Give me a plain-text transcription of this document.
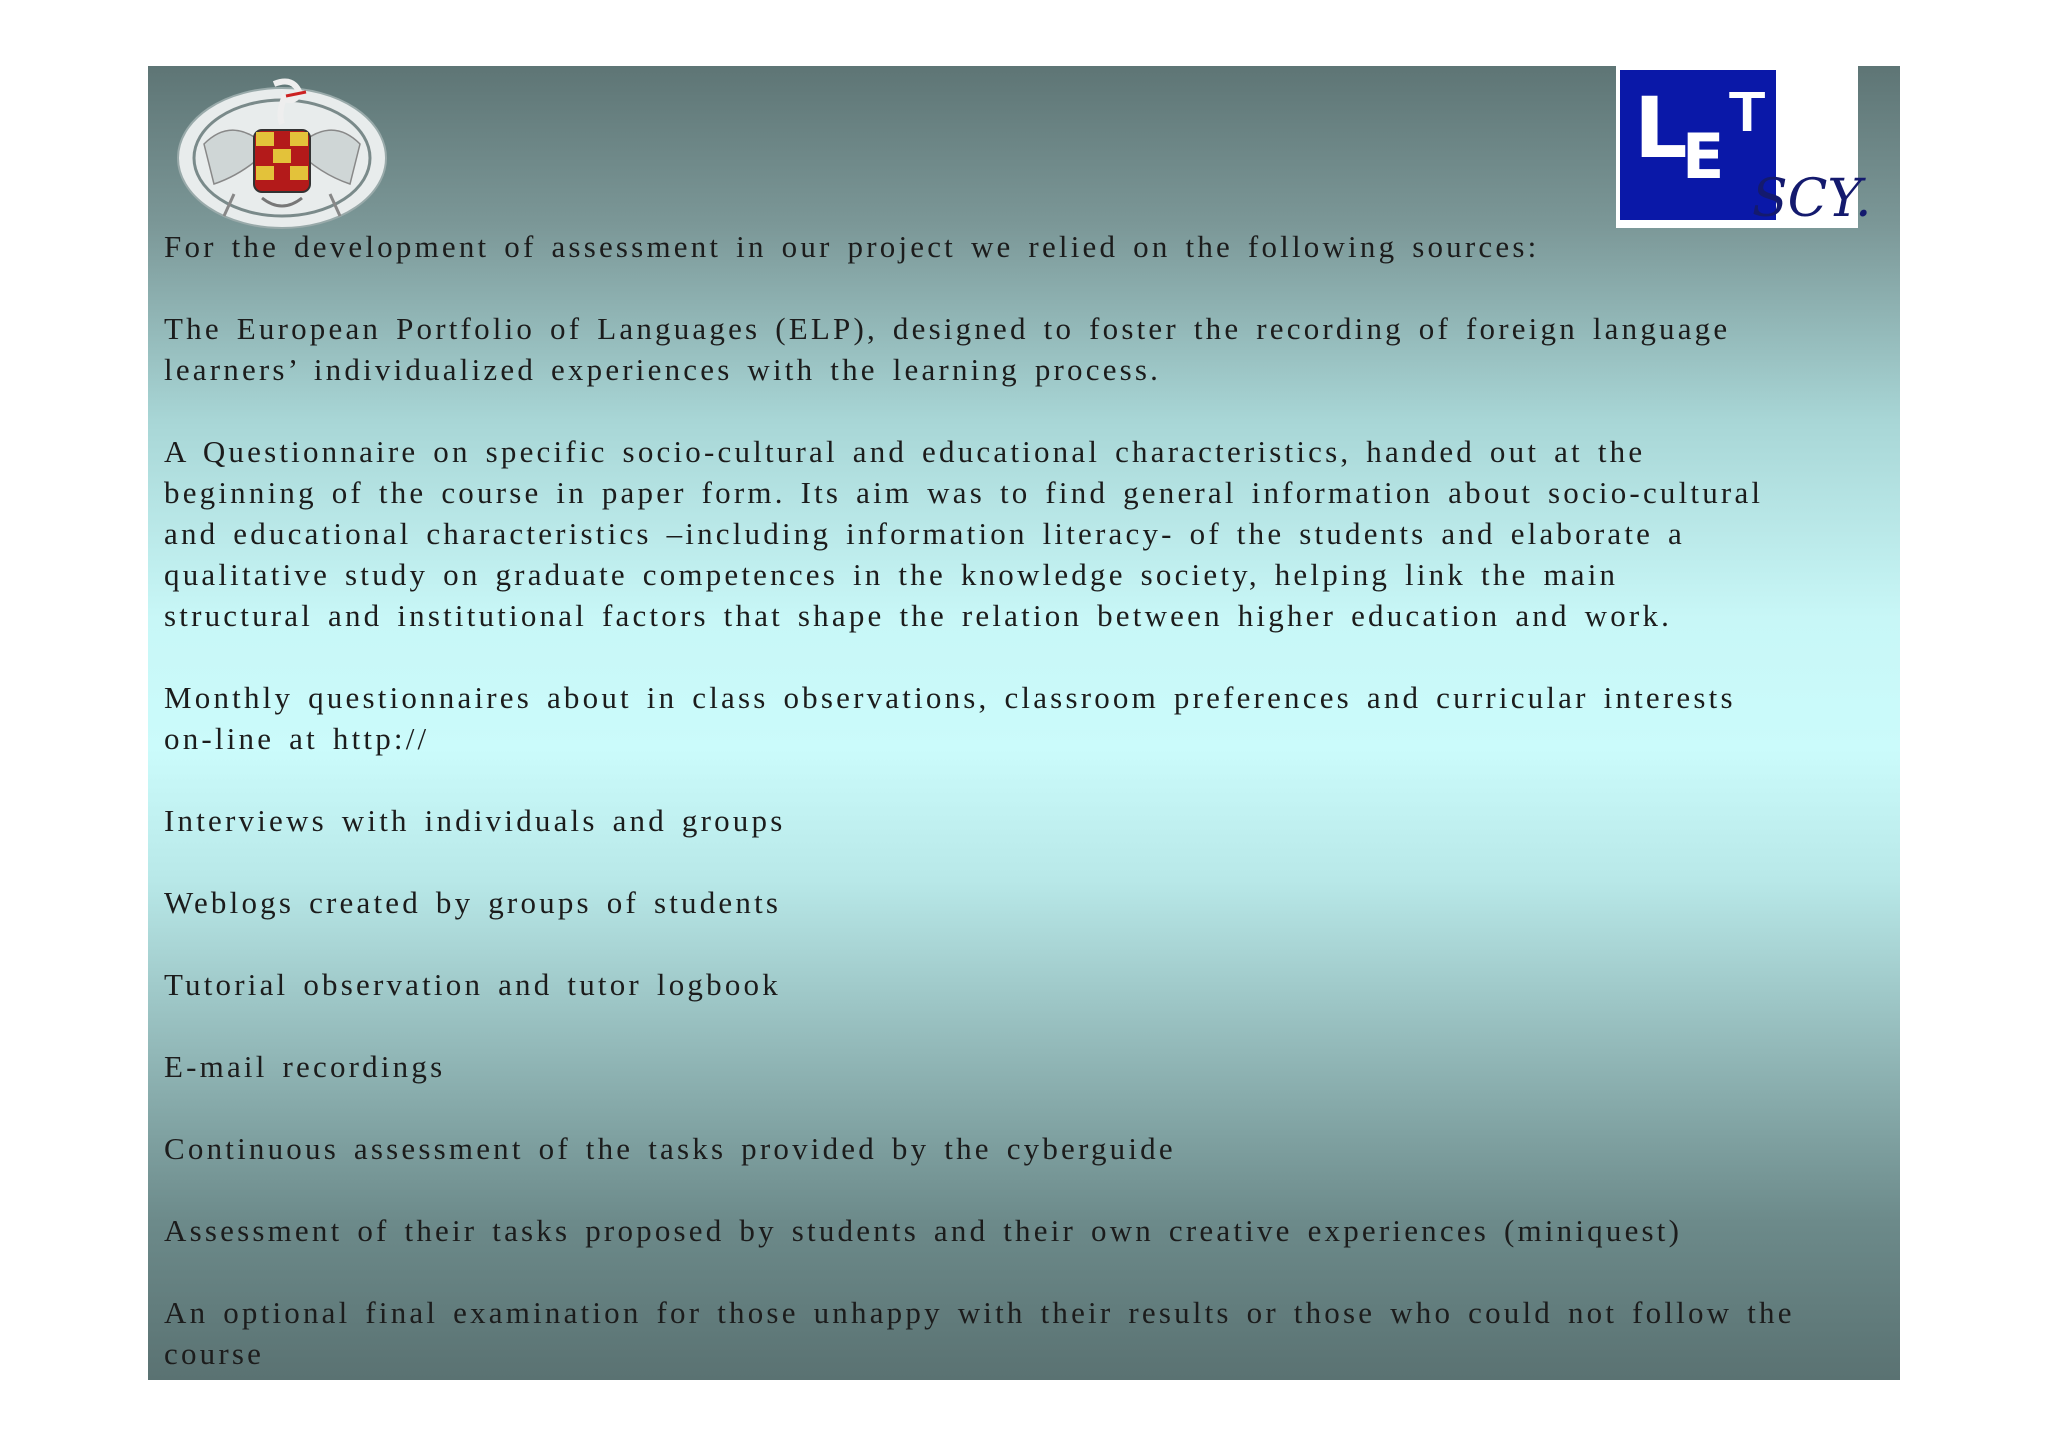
L
E
T
SCY.
For the development of assessment in our project we relied on the following sources:
The European Portfolio of Languages (ELP), designed to foster the recording of foreign language
learners’ individualized experiences with the learning process.
A Questionnaire on specific socio-cultural and educational characteristics, handed out at the
beginning of the course in paper form. Its aim was to find general information about socio-cultural
and educational characteristics –including information literacy- of the students and elaborate a
qualitative study on graduate competences in the knowledge society, helping link the main
structural and institutional factors that shape the relation between higher education and work.
Monthly questionnaires about in class observations, classroom preferences and curricular interests
on-line at http://
Interviews with individuals and groups
Weblogs created by groups of students
Tutorial observation and tutor logbook
E-mail recordings
Continuous assessment of the tasks provided by the cyberguide
Assessment of their tasks proposed by students and their own creative experiences (miniquest)
An optional final examination for those unhappy with their results or those who could not follow the
course
